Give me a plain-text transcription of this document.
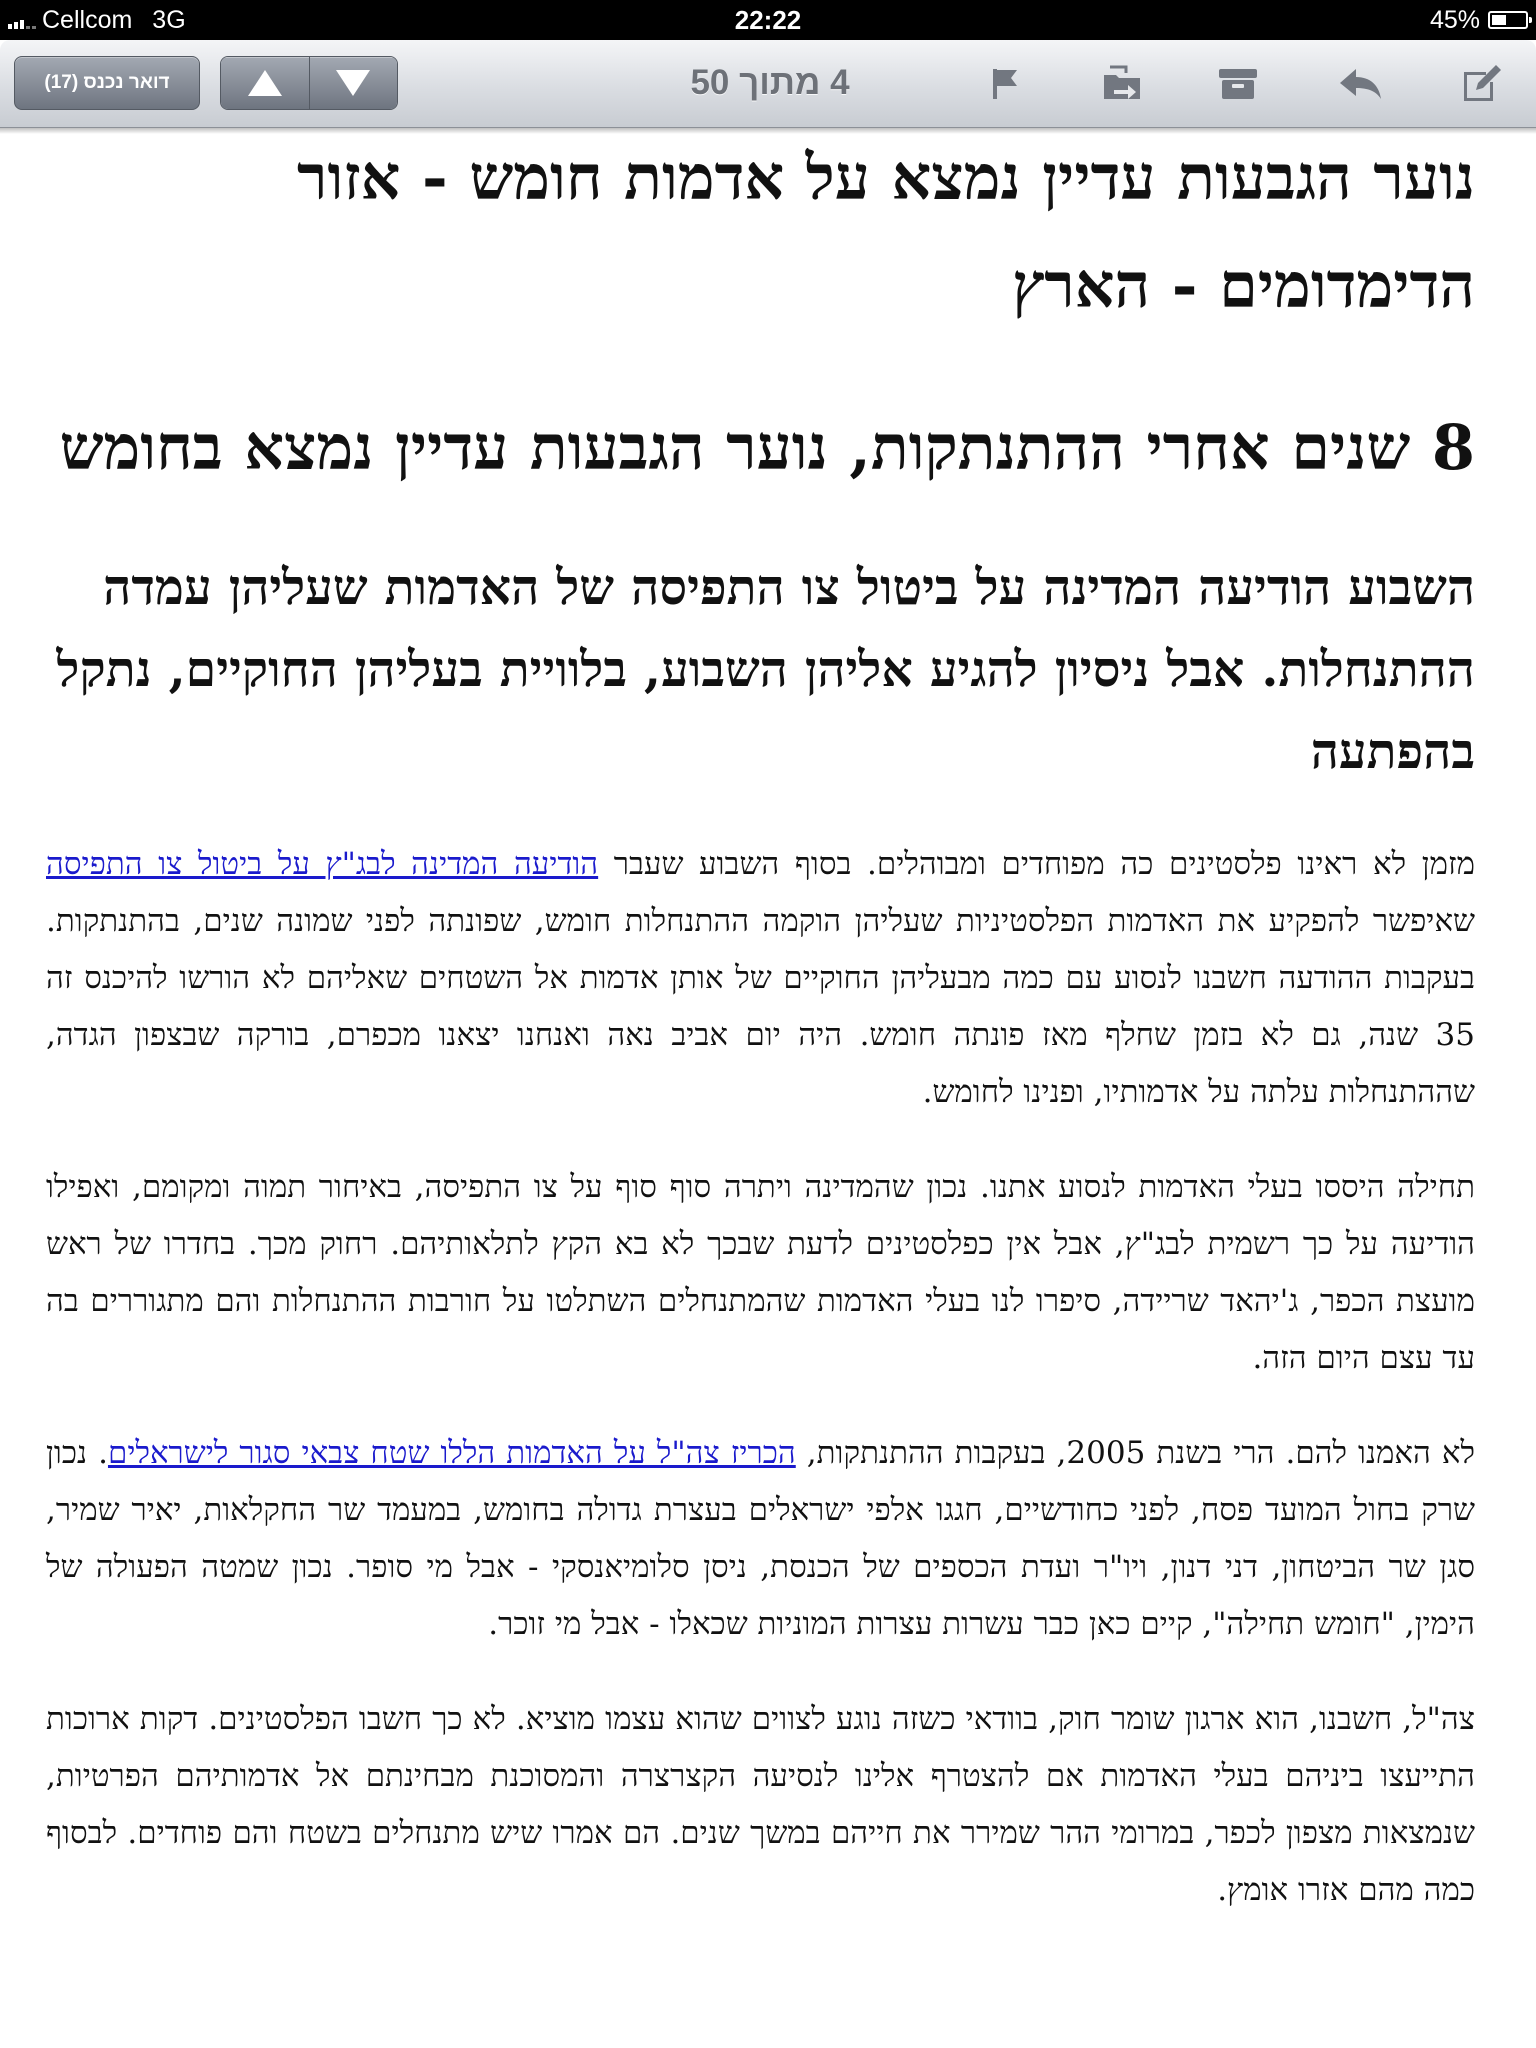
Cellcom 3G	22:22	45%
דואר נכנס (17)	4 מתוך 50
נוער הגבעות עדיין נמצא על אדמות חומש - אזור הדימדומים - הארץ
8 שנים אחרי ההתנתקות, נוער הגבעות עדיין נמצא בחומש
השבוע הודיעה המדינה על ביטול צו התפיסה של האדמות שעליהן עמדה ההתנחלות. אבל ניסיון להגיע אליהן השבוע, בלוויית בעליהן החוקיים, נתקל בהפתעה

מזמן לא ראינו פלסטינים כה מפוחדים ומבוהלים. בסוף השבוע שעבר הודיעה המדינה לבג"ץ על ביטול צו התפיסה שאיפשר להפקיע את האדמות הפלסטיניות שעליהן הוקמה ההתנחלות חומש, שפונתה לפני שמונה שנים, בהתנתקות. בעקבות ההודעה חשבנו לנסוע עם כמה מבעליהן החוקיים של אותן אדמות אל השטחים שאליהם לא הורשו להיכנס זה 35 שנה, גם לא בזמן שחלף מאז פונתה חומש. היה יום אביב נאה ואנחנו יצאנו מכפרם, בורקה שבצפון הגדה, שההתנחלות עלתה על אדמותיו, ופנינו לחומש.

תחילה היססו בעלי האדמות לנסוע אתנו. נכון שהמדינה ויתרה סוף סוף על צו התפיסה, באיחור תמוה ומקומם, ואפילו הודיעה על כך רשמית לבג"ץ, אבל אין כפלסטינים לדעת שבכך לא בא הקץ לתלאותיהם. רחוק מכך. בחדרו של ראש מועצת הכפר, ג'יהאד שריידה, סיפרו לנו בעלי האדמות שהמתנחלים השתלטו על חורבות ההתנחלות והם מתגוררים בה עד עצם היום הזה.

לא האמנו להם. הרי בשנת 2005, בעקבות ההתנתקות, הכריז צה"ל על האדמות הללו שטח צבאי סגור לישראלים. נכון שרק בחול המועד פסח, לפני כחודשיים, חגגו אלפי ישראלים בעצרת גדולה בחומש, במעמד שר החקלאות, יאיר שמיר, סגן שר הביטחון, דני דנון, ויו"ר ועדת הכספים של הכנסת, ניסן סלומיאנסקי - אבל מי סופר. נכון שמטה הפעולה של הימין, "חומש תחילה", קיים כאן כבר עשרות עצרות המוניות שכאלו - אבל מי זוכר.

צה"ל, חשבנו, הוא ארגון שומר חוק, בוודאי כשזה נוגע לצווים שהוא עצמו מוציא. לא כך חשבו הפלסטינים. דקות ארוכות התייעצו ביניהם בעלי האדמות אם להצטרף אלינו לנסיעה הקצרצרה והמסוכנת מבחינתם אל אדמותיהם הפרטיות, שנמצאות מצפון לכפר, במרומי ההר שמירר את חייהם במשך שנים. הם אמרו שיש מתנחלים בשטח והם פוחדים. לבסוף כמה מהם אזרו אומץ.
